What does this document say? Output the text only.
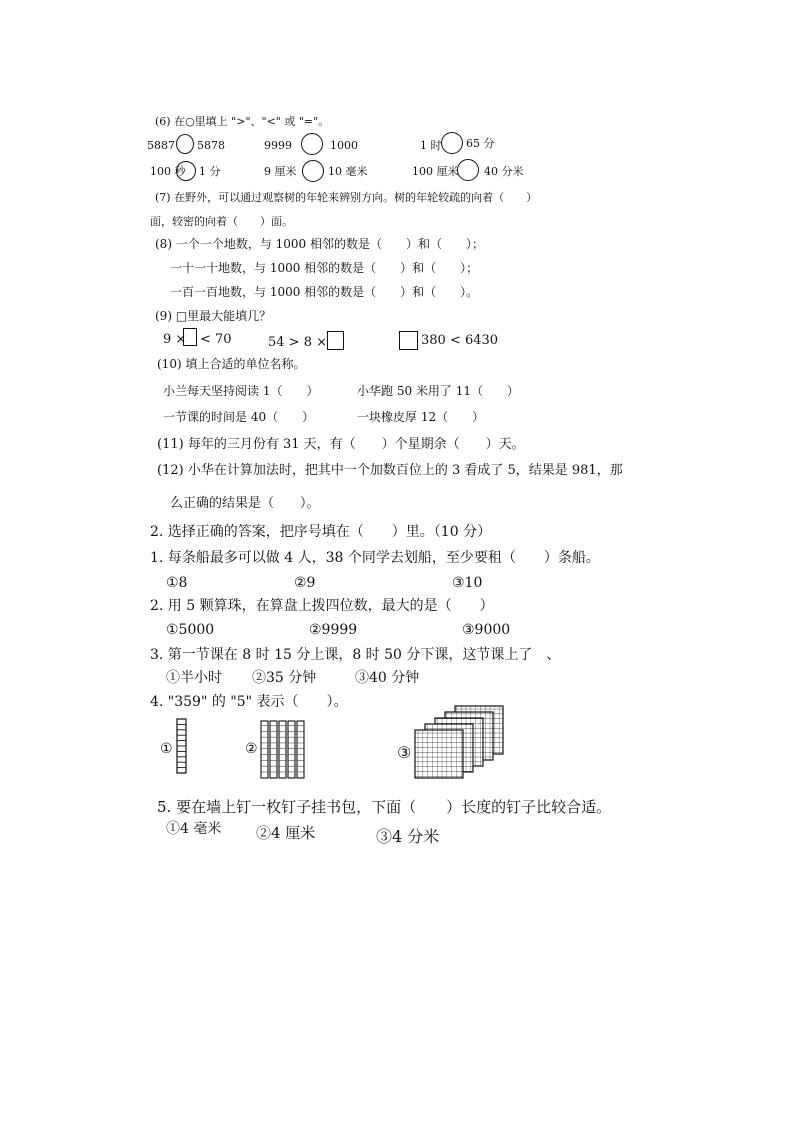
(6) 在○里填上 ">"、"<" 或 "="。
5887 5878	9999	1000	1 时 65 分
100 秒 1 分	9 厘米	10 毫米	100 厘米 40 分米
(7) 在野外，可以通过观察树的年轮来辨别方向。树的年轮较疏的向着（　　）
面，较密的向着（　　）面。
(8) 一个一个地数，与 1000 相邻的数是（　　）和（　　）；
一十一十地数，与 1000 相邻的数是（　　）和（　　）；
一百一百地数，与 1000 相邻的数是（　　）和（　　）。
(9) □里最大能填几？
9 × < 70	54 > 8 ×	380 < 6430
(10) 填上合适的单位名称。
小兰每天坚持阅读 1（　　）	小华跑 50 米用了 11（　　）
一节课的时间是 40（　　）	一块橡皮厚 12（　　）
(11) 每年的三月份有 31 天，有（　　）个星期余（　　）天。
(12) 小华在计算加法时，把其中一个加数百位上的 3 看成了 5，结果是 981，那
么正确的结果是（　　）。
2. 选择正确的答案，把序号填在（　　）里。（10 分）
1. 每条船最多可以做 4 人，38 个同学去划船，至少要租（　　）条船。
①8	②9	③10
2. 用 5 颗算珠，在算盘上拨四位数，最大的是（　　）
①5000	②9999	③9000
3. 第一节课在 8 时 15 分上课，8 时 50 分下课，这节课上了　、
①半小时 ②35 分钟	③40 分钟
4. "359" 的 "5" 表示（　　）。
①	②	③
5. 要在墙上钉一枚钉子挂书包，下面（　　）长度的钉子比较合适。
①4 毫米 ②4 厘米	③4 分米
